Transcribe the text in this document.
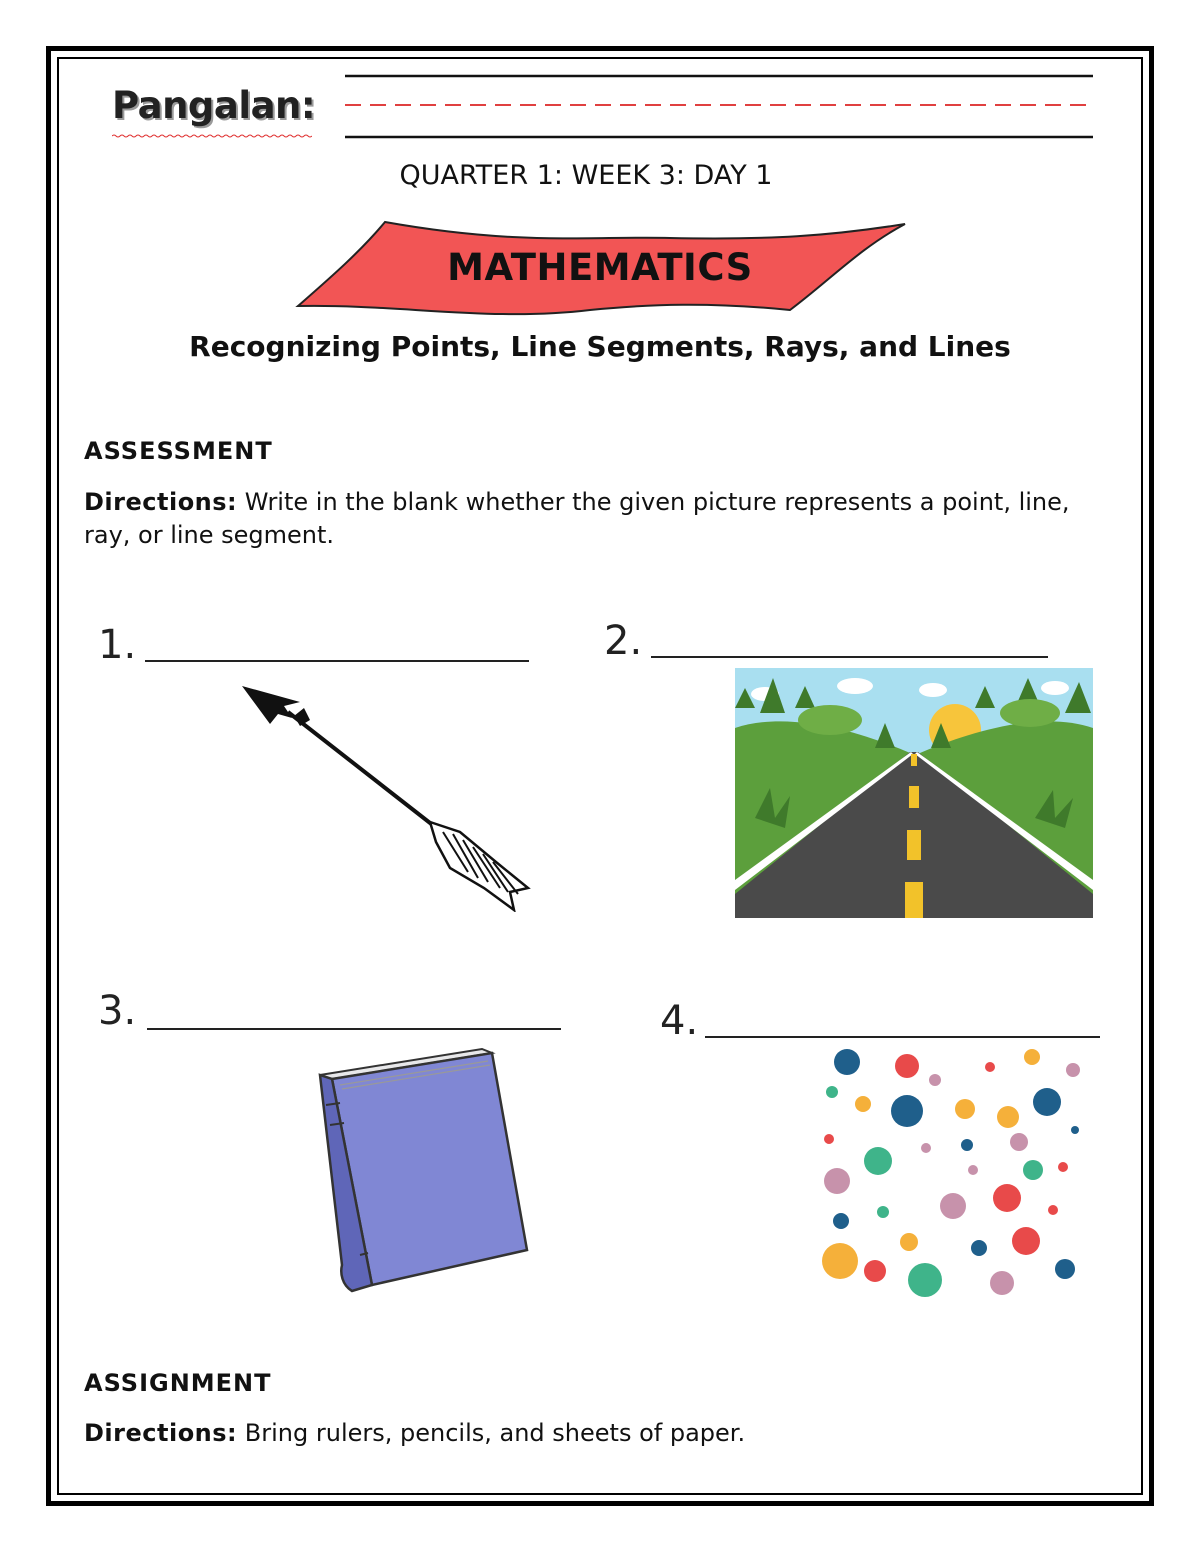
Pangalan:
QUARTER 1: WEEK 3: DAY 1
MATHEMATICS
Recognizing Points, Line Segments, Rays, and Lines
ASSESSMENT
Directions: Write in the blank whether the given picture represents a point, line, ray, or line segment.
1.	2.
3.	4.
ASSIGNMENT
Directions: Bring rulers, pencils, and sheets of paper.
